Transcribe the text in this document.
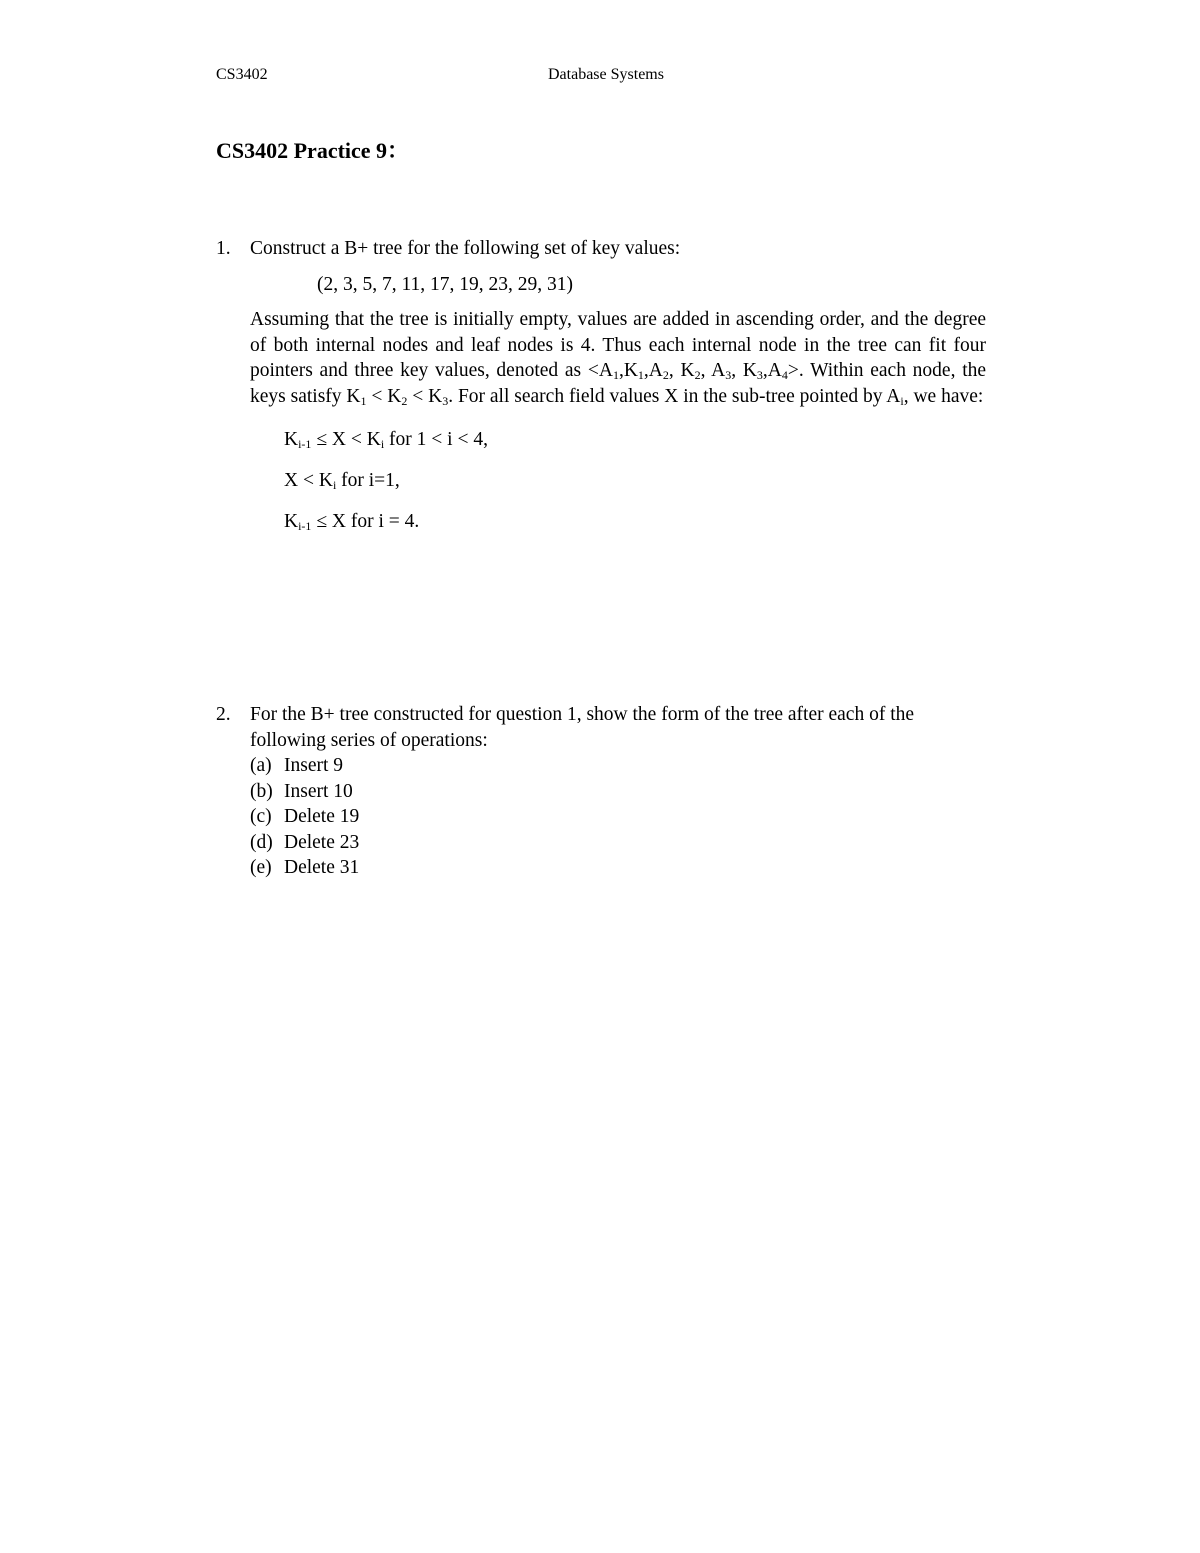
CS3402	Database Systems
CS3402 Practice 9：
1. Construct a B+ tree for the following set of key values:
(2, 3, 5, 7, 11, 17, 19, 23, 29, 31)
Assuming that the tree is initially empty, values are added in ascending order, and the degree of both internal nodes and leaf nodes is 4. Thus each internal node in the tree can fit four pointers and three key values, denoted as $<A_1,K_1,A_2$, $K_2$, $A_3$, $K_3,A_4>$. Within each node, the keys satisfy $K_1 < K_2 < K_3$. For all search field values X in the sub-tree pointed by $A_i$, we have:
$K_{i-1} \le X < K_i$ for 1 < i < 4,
$X < K_i$ for i=1,
$K_{i-1} \le X$ for i = 4.
2. For the B+ tree constructed for question 1, show the form of the tree after each of the following series of operations:
(a) Insert 9
(b) Insert 10
(c) Delete 19
(d) Delete 23
(e) Delete 31
